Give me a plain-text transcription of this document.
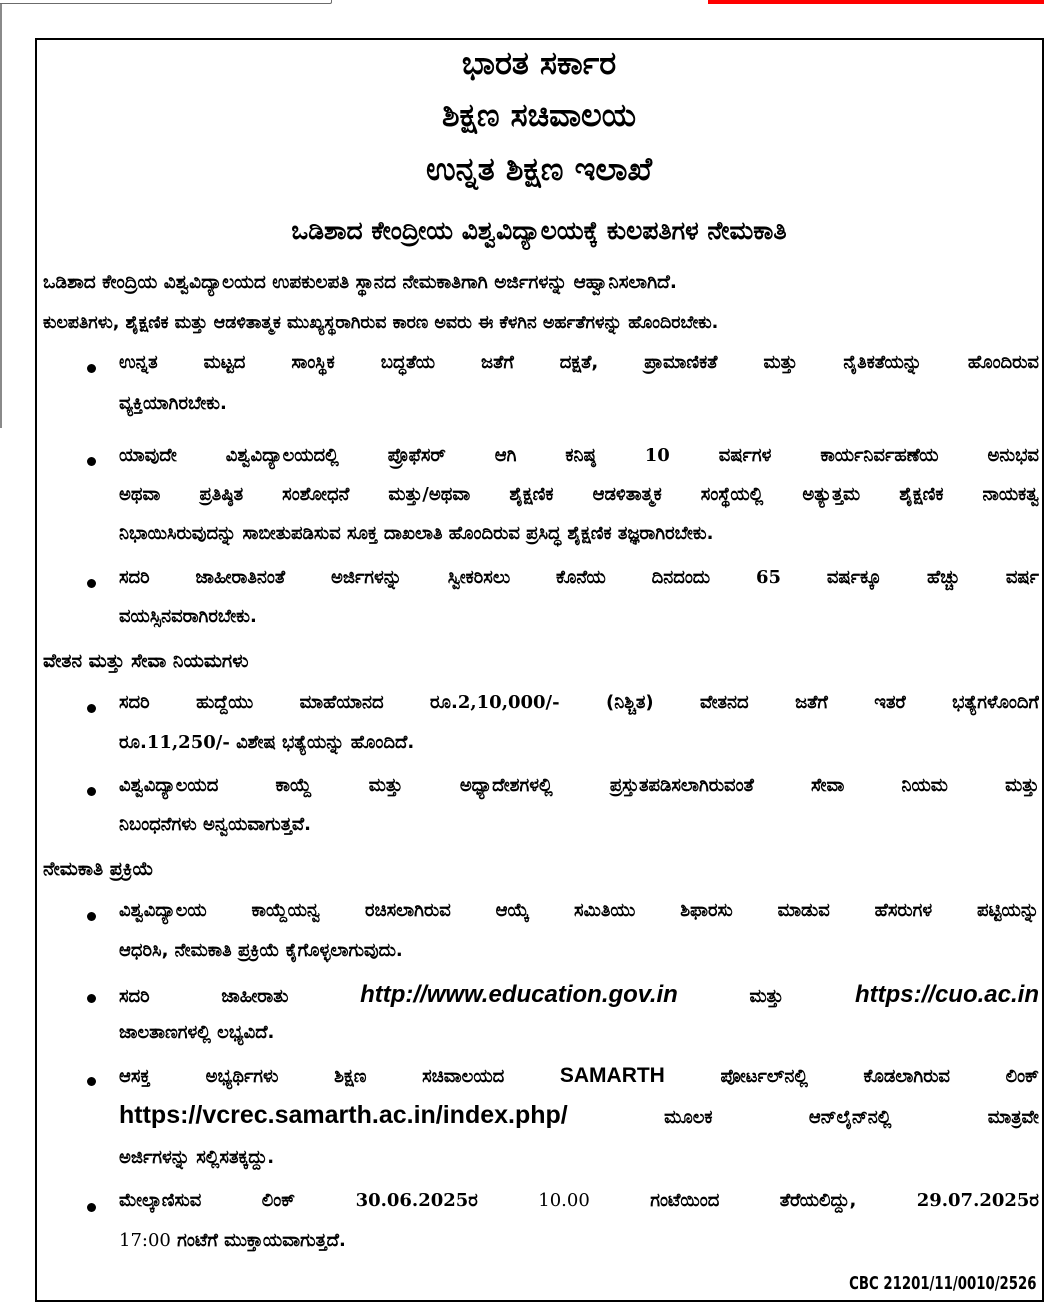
ಭಾರತ ಸರ್ಕಾರ
ಶಿಕ್ಷಣ ಸಚಿವಾಲಯ
ಉನ್ನತ ಶಿಕ್ಷಣ ಇಲಾಖೆ
ಒಡಿಶಾದ ಕೇಂದ್ರೀಯ ವಿಶ್ವವಿದ್ಯಾಲಯಕ್ಕೆ ಕುಲಪತಿಗಳ ನೇಮಕಾತಿ
ಒಡಿಶಾದ ಕೇಂದ್ರಿಯ ವಿಶ್ವವಿದ್ಯಾಲಯದ ಉಪಕುಲಪತಿ ಸ್ಥಾನದ ನೇಮಕಾತಿಗಾಗಿ ಅರ್ಜಿಗಳನ್ನು ಆಹ್ವಾನಿಸಲಾಗಿದೆ.
ಕುಲಪತಿಗಳು, ಶೈಕ್ಷಣಿಕ ಮತ್ತು ಆಡಳಿತಾತ್ಮಕ ಮುಖ್ಯಸ್ಥರಾಗಿರುವ ಕಾರಣ ಅವರು ಈ ಕೆಳಗಿನ ಅರ್ಹತೆಗಳನ್ನು ಹೊಂದಿರಬೇಕು.
ಉನ್ನತ ಮಟ್ಟದ ಸಾಂಸ್ಥಿಕ ಬದ್ಧತೆಯ ಜತೆಗೆ ದಕ್ಷತೆ, ಪ್ರಾಮಾಣಿಕತೆ ಮತ್ತು ನೈತಿಕತೆಯನ್ನು ಹೊಂದಿರುವ
ವ್ಯಕ್ತಿಯಾಗಿರಬೇಕು.
ಯಾವುದೇ ವಿಶ್ವವಿದ್ಯಾಲಯದಲ್ಲಿ ಪ್ರೊಫೆಸರ್ ಆಗಿ ಕನಿಷ್ಠ	10	ವರ್ಷಗಳ ಕಾರ್ಯನಿರ್ವಹಣೆಯ ಅನುಭವ
ಅಥವಾ ಪ್ರತಿಷ್ಠಿತ ಸಂಶೋಧನೆ ಮತ್ತು/ಅಥವಾ ಶೈಕ್ಷಣಿಕ ಆಡಳಿತಾತ್ಮಕ ಸಂಸ್ಥೆಯಲ್ಲಿ ಅತ್ಯುತ್ತಮ ಶೈಕ್ಷಣಿಕ ನಾಯಕತ್ವ
ನಿಭಾಯಿಸಿರುವುದನ್ನು ಸಾಬೀತುಪಡಿಸುವ ಸೂಕ್ತ ದಾಖಲಾತಿ ಹೊಂದಿರುವ ಪ್ರಸಿದ್ಧ ಶೈಕ್ಷಣಿಕ ತಜ್ಞರಾಗಿರಬೇಕು.
ಸದರಿ ಜಾಹೀರಾತಿನಂತೆ ಅರ್ಜಿಗಳನ್ನು ಸ್ವೀಕರಿಸಲು ಕೊನೆಯ ದಿನದಂದು	65	ವರ್ಷಕ್ಕೂ ಹೆಚ್ಚು ವರ್ಷ
ವಯಸ್ಸಿನವರಾಗಿರಬೇಕು.
ವೇತನ ಮತ್ತು ಸೇವಾ ನಿಯಮಗಳು
ಸದರಿ ಹುದ್ದೆಯು ಮಾಹೆಯಾನದ ರೂ.2,10,000/-	(ನಿಶ್ಚಿತ) ವೇತನದ ಜತೆಗೆ ಇತರೆ ಭತ್ಯೆಗಳೊಂದಿಗೆ
ರೂ.11,250/- ವಿಶೇಷ ಭತ್ಯೆಯನ್ನು ಹೊಂದಿದೆ.
ವಿಶ್ವವಿದ್ಯಾಲಯದ ಕಾಯ್ದೆ ಮತ್ತು ಅಧ್ಯಾದೇಶಗಳಲ್ಲಿ ಪ್ರಸ್ತುತಪಡಿಸಲಾಗಿರುವಂತೆ ಸೇವಾ ನಿಯಮ ಮತ್ತು
ನಿಬಂಧನೆಗಳು ಅನ್ವಯವಾಗುತ್ತವೆ.
ನೇಮಕಾತಿ ಪ್ರಕ್ರಿಯೆ
ವಿಶ್ವವಿದ್ಯಾಲಯ ಕಾಯ್ದೆಯನ್ವ ರಚಿಸಲಾಗಿರುವ ಆಯ್ಕೆ ಸಮಿತಿಯು ಶಿಫಾರಸು ಮಾಡುವ ಹೆಸರುಗಳ ಪಟ್ಟಿಯನ್ನು
ಆಧರಿಸಿ, ನೇಮಕಾತಿ ಪ್ರಕ್ರಿಯೆ ಕೈಗೊಳ್ಳಲಾಗುವುದು.
ಸದರಿ	ಜಾಹೀರಾತು	http://www.education.gov.in	ಮತ್ತು	https://cuo.ac.in
ಜಾಲತಾಣಗಳಲ್ಲಿ ಲಭ್ಯವಿದೆ.
ಆಸಕ್ತ ಅಭ್ಯರ್ಥಿಗಳು ಶಿಕ್ಷಣ ಸಚಿವಾಲಯದ	SAMARTH	ಪೋರ್ಟಲ್‌ನಲ್ಲಿ ಕೊಡಲಾಗಿರುವ ಲಿಂಕ್
https://vcrec.samarth.ac.in/index.php/	ಮೂಲಕ ಆನ್‌ಲೈನ್‌ನಲ್ಲಿ ಮಾತ್ರವೇ
ಅರ್ಜಿಗಳನ್ನು ಸಲ್ಲಿಸತಕ್ಕದ್ದು.
ಮೇಲ್ಕಾಣಿಸುವ	ಲಿಂಕ್	30.06.2025ರ	10.00	ಗಂಟೆಯಿಂದ	ತೆರೆಯಲಿದ್ದು,	29.07.2025ರ
17:00 ಗಂಟೆಗೆ ಮುಕ್ತಾಯವಾಗುತ್ತದೆ.
CBC 21201/11/0010/2526
